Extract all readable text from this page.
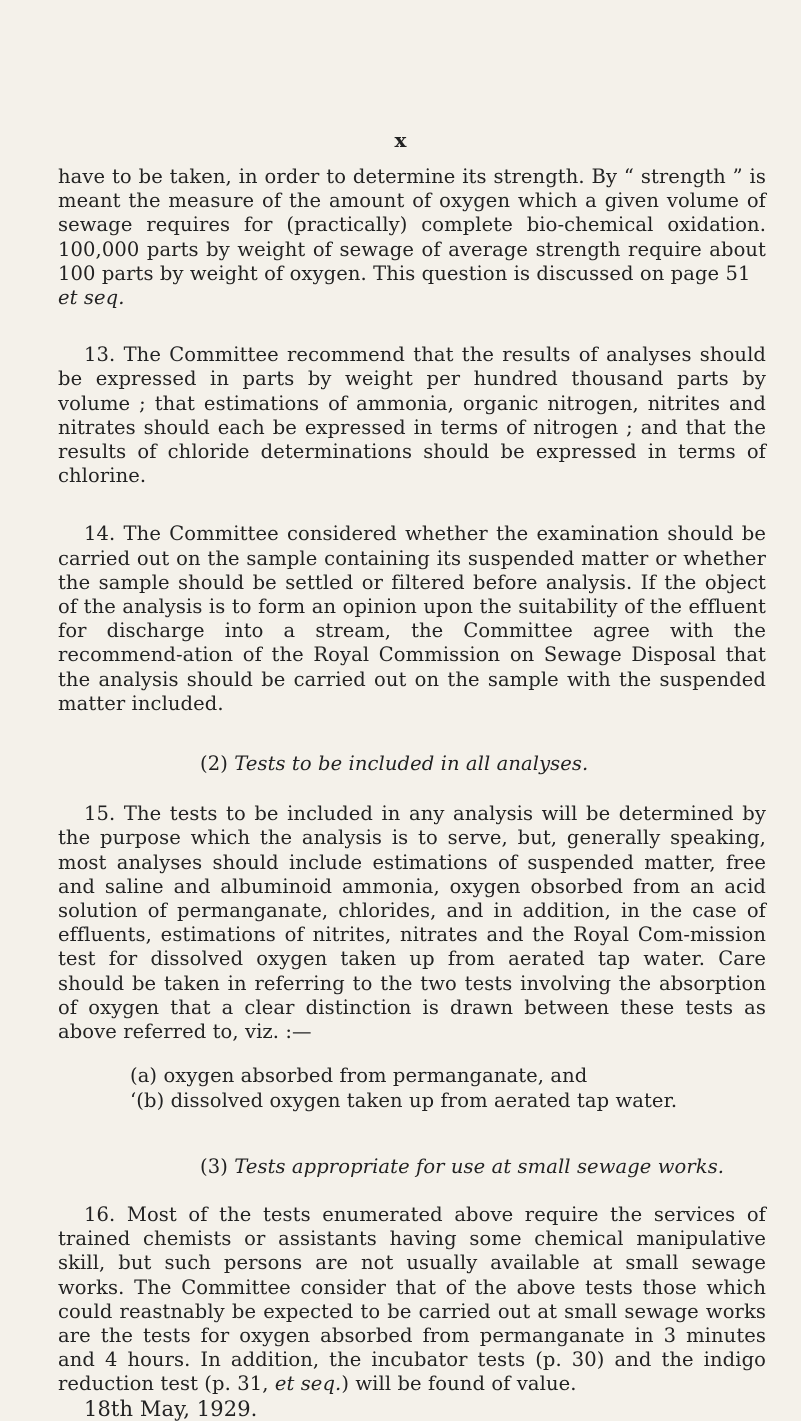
x

have to be taken, in order to determine its strength. By “ strength ” is meant the measure of the amount of oxygen which a given volume of sewage requires for (practically) complete bio-chemical oxidation. 100,000 parts by weight of sewage of average strength require about 100 parts by weight of oxygen. This question is discussed on page 51
et seq.

13. The Committee recommend that the results of analyses should be expressed in parts by weight per hundred thousand parts by volume ; that estimations of ammonia, organic nitrogen, nitrites and nitrates should each be expressed in terms of nitrogen ; and that the results of chloride determinations should be expressed in terms of chlorine.

14. The Committee considered whether the examination should be carried out on the sample containing its suspended matter or whether the sample should be settled or filtered before analysis. If the object of the analysis is to form an opinion upon the suitability of the effluent for discharge into a stream, the Committee agree with the recommend-ation of the Royal Commission on Sewage Disposal that the analysis should be carried out on the sample with the suspended matter included.

(2) Tests to be included in all analyses.

15. The tests to be included in any analysis will be determined by the purpose which the analysis is to serve, but, generally speaking, most analyses should include estimations of suspended matter, free and saline and albuminoid ammonia, oxygen obsorbed from an acid solution of permanganate, chlorides, and in addition, in the case of effluents, estimations of nitrites, nitrates and the Royal Com-mission test for dissolved oxygen taken up from aerated tap water. Care should be taken in referring to the two tests involving the absorption of oxygen that a clear distinction is drawn between these tests as above referred to, viz. :—

(a) oxygen absorbed from permanganate, and

‘(b) dissolved oxygen taken up from aerated tap water.

(3) Tests appropriate for use at small sewage works.

16. Most of the tests enumerated above require the services of trained chemists or assistants having some chemical manipulative skill, but such persons are not usually available at small sewage works. The Committee consider that of the above tests those which could reastnably be expected to be carried out at small sewage works are the tests for oxygen absorbed from permanganate in 3 minutes and 4 hours. In addition, the incubator tests (p. 30) and the indigo reduction test (p. 31, et seq.) will be found of value.

18th May, 1929.
